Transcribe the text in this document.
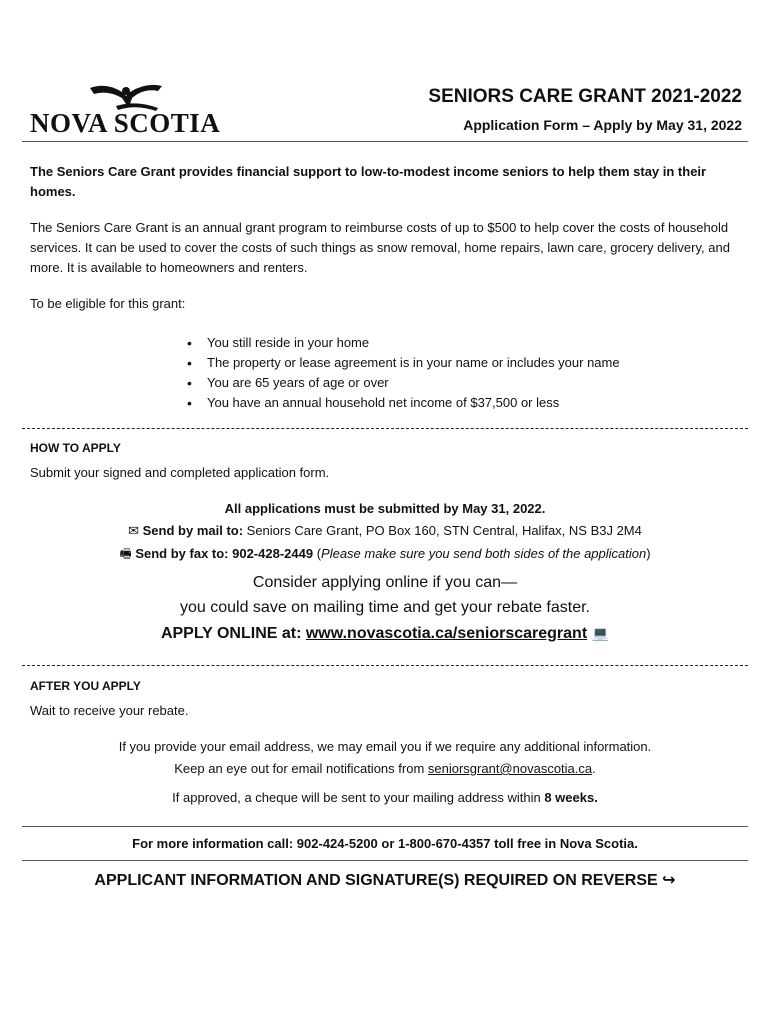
NOVA SCOTIA
SENIORS CARE GRANT 2021-2022
Application Form – Apply by May 31, 2022
The Seniors Care Grant provides financial support to low-to-modest income seniors to help them stay in their homes.
The Seniors Care Grant is an annual grant program to reimburse costs of up to $500 to help cover the costs of household services. It can be used to cover the costs of such things as snow removal, home repairs, lawn care, grocery delivery, and more. It is available to homeowners and renters.
To be eligible for this grant:
• You still reside in your home
• The property or lease agreement is in your name or includes your name
• You are 65 years of age or over
• You have an annual household net income of $37,500 or less
HOW TO APPLY
Submit your signed and completed application form.
All applications must be submitted by May 31, 2022.
✉ Send by mail to: Seniors Care Grant, PO Box 160, STN Central, Halifax, NS B3J 2M4
🖷 Send by fax to: 902-428-2449 (Please make sure you send both sides of the application)
Consider applying online if you can—
you could save on mailing time and get your rebate faster.
APPLY ONLINE at: www.novascotia.ca/seniorscaregrant 💻
AFTER YOU APPLY
Wait to receive your rebate.
If you provide your email address, we may email you if we require any additional information.
Keep an eye out for email notifications from seniorsgrant@novascotia.ca.
If approved, a cheque will be sent to your mailing address within 8 weeks.
For more information call: 902-424-5200 or 1-800-670-4357 toll free in Nova Scotia.
APPLICANT INFORMATION AND SIGNATURE(S) REQUIRED ON REVERSE ↪
